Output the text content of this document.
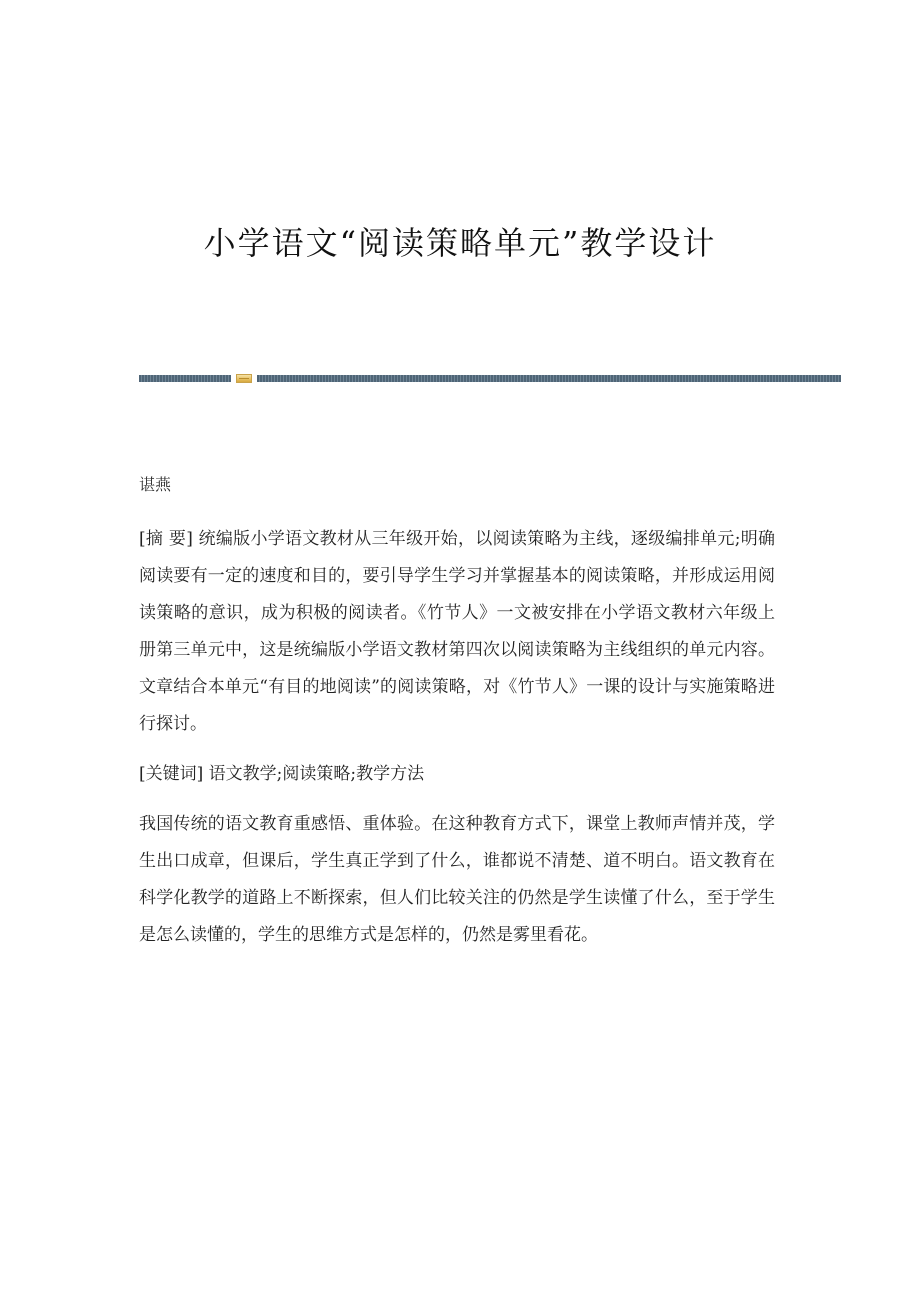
小学语文“阅读策略单元”教学设计
谌燕

[摘 要] 统编版小学语文教材从三年级开始，以阅读策略为主线，逐级编排单元;明确阅读要有一定的速度和目的，要引导学生学习并掌握基本的阅读策略，并形成运用阅读策略的意识，成为积极的阅读者。《竹节人》一文被安排在小学语文教材六年级上册第三单元中，这是统编版小学语文教材第四次以阅读策略为主线组织的单元内容。文章结合本单元“有目的地阅读”的阅读策略，对《竹节人》一课的设计与实施策略进行探讨。

[关键词] 语文教学;阅读策略;教学方法

我国传统的语文教育重感悟、重体验。在这种教育方式下，课堂上教师声情并茂，学生出口成章，但课后，学生真正学到了什么，谁都说不清楚、道不明白。语文教育在科学化教学的道路上不断探索，但人们比较关注的仍然是学生读懂了什么，至于学生是怎么读懂的，学生的思维方式是怎样的，仍然是雾里看花。
